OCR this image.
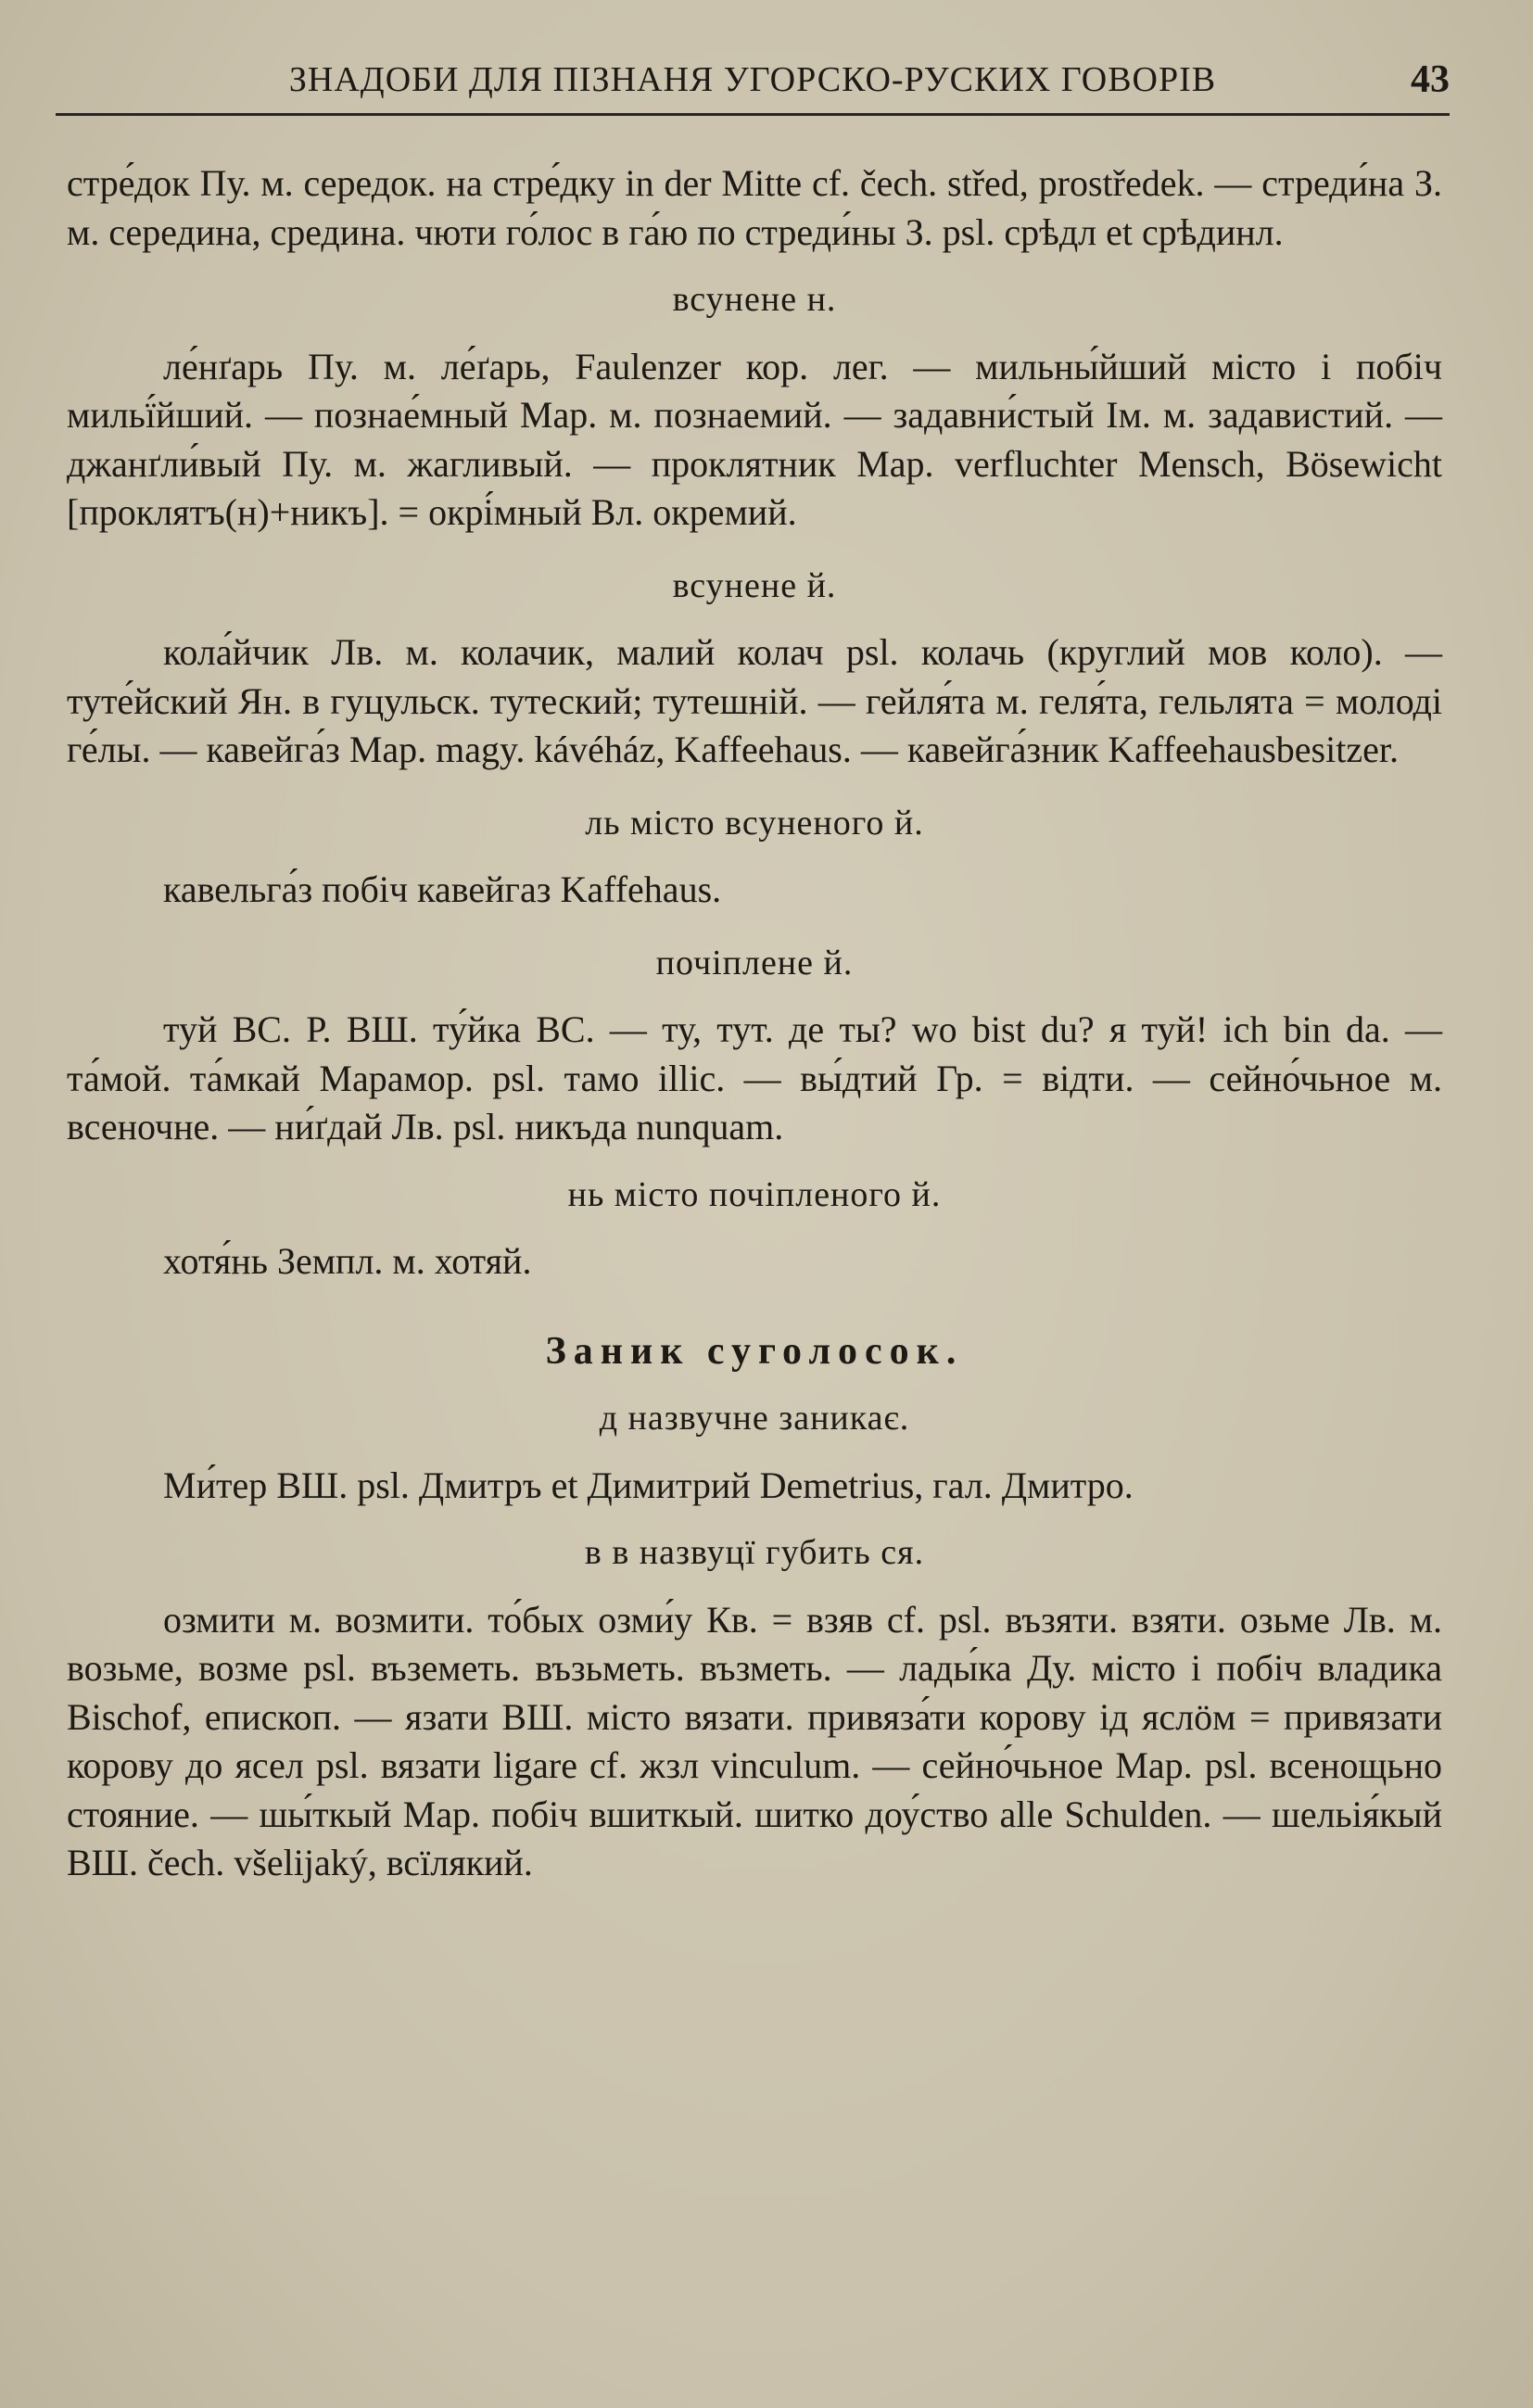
ЗНАДОБИ ДЛЯ ПІЗНАНЯ УГОРСКО-РУСКИХ ГОВОРІВ	43

стре́док Пу. м. середок. на стре́дку in der Mitte cf. čech. střed, prostředek. — стреди́на З. м. середина, средина. чюти го́лос в га́ю по стреди́ны З. psl. срѣдл et срѣдинл.

всунене н.

ле́нґарь Пу. м. ле́ґарь, Faulenzer кор. лег. — мильны́йший місто і побіч мильї́йший. — познае́мный Мар. м. познаемий. — задавни́стый Ім. м. задавистий. — джанґли́вый Пу. м. жагливый. — проклятник Мар. verfluchter Mensch, Bösewicht [проклятъ(н)+никъ]. = окрі́мный Вл. окремий.

всунене й.

кола́йчик Лв. м. колачик, малий колач psl. колачь (круглий мов коло). — туте́йский Ян. в гуцульск. тутеский; тутешній. — гейля́та м. геля́та, гельлята = молоді ге́лы. — кавейга́з Мар. magy. kávéház, Kaffeehaus. — кавейга́зник Kaffeehausbesitzer.

ль місто всуненого й.

кавельга́з побіч кавейгаз Kaffehaus.

почіплене й.

туй ВС. Р. ВШ. ту́йка ВС. — ту, тут. де ты? wo bist du? я туй! ich bin da. — та́мой. та́мкай Марамор. psl. тамо illic. — вы́дтий Гр. = відти. — сейно́чьное м. всеночне. — ни́ґдай Лв. psl. никъда nunquam.

нь місто почіпленого й.

хотя́нь Земпл. м. хотяй.

Заник суголосок.

д назвучне заникає.

Ми́тер ВШ. psl. Дмитръ et Димитрий Demetrius, гал. Дмитро.

в в назвуцї губить ся.

озмити м. возмити. то́бых озми́у Кв. = взяв cf. psl. възяти. взяти. озьме Лв. м. возьме, возме psl. въземеть. възьметь. възметь. — лады́ка Ду. місто і побіч владика Bischof, епископ. — язати ВШ. місто вязати. привяза́ти корову ід яслӧм = привязати корову до ясел psl. вязати ligare cf. жзл vinculum. — сейно́чьное Мар. psl. всенощьно стояние. — шы́ткый Мар. побіч вшиткый. шитко доу́ство alle Schulden. — шельія́кый ВШ. čech. všelijaký, всїлякий.
